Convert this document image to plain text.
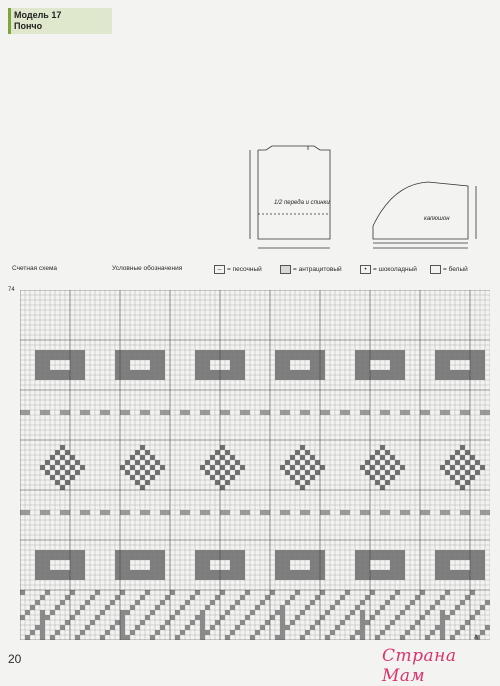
Модель 17
Пончо
1/2 переда и спинки
капюшон
Счетная схема	Условные обозначения	– = песочный	= антрацитовый	• = шоколадный	= белый
74
A
20	Страна Мам
